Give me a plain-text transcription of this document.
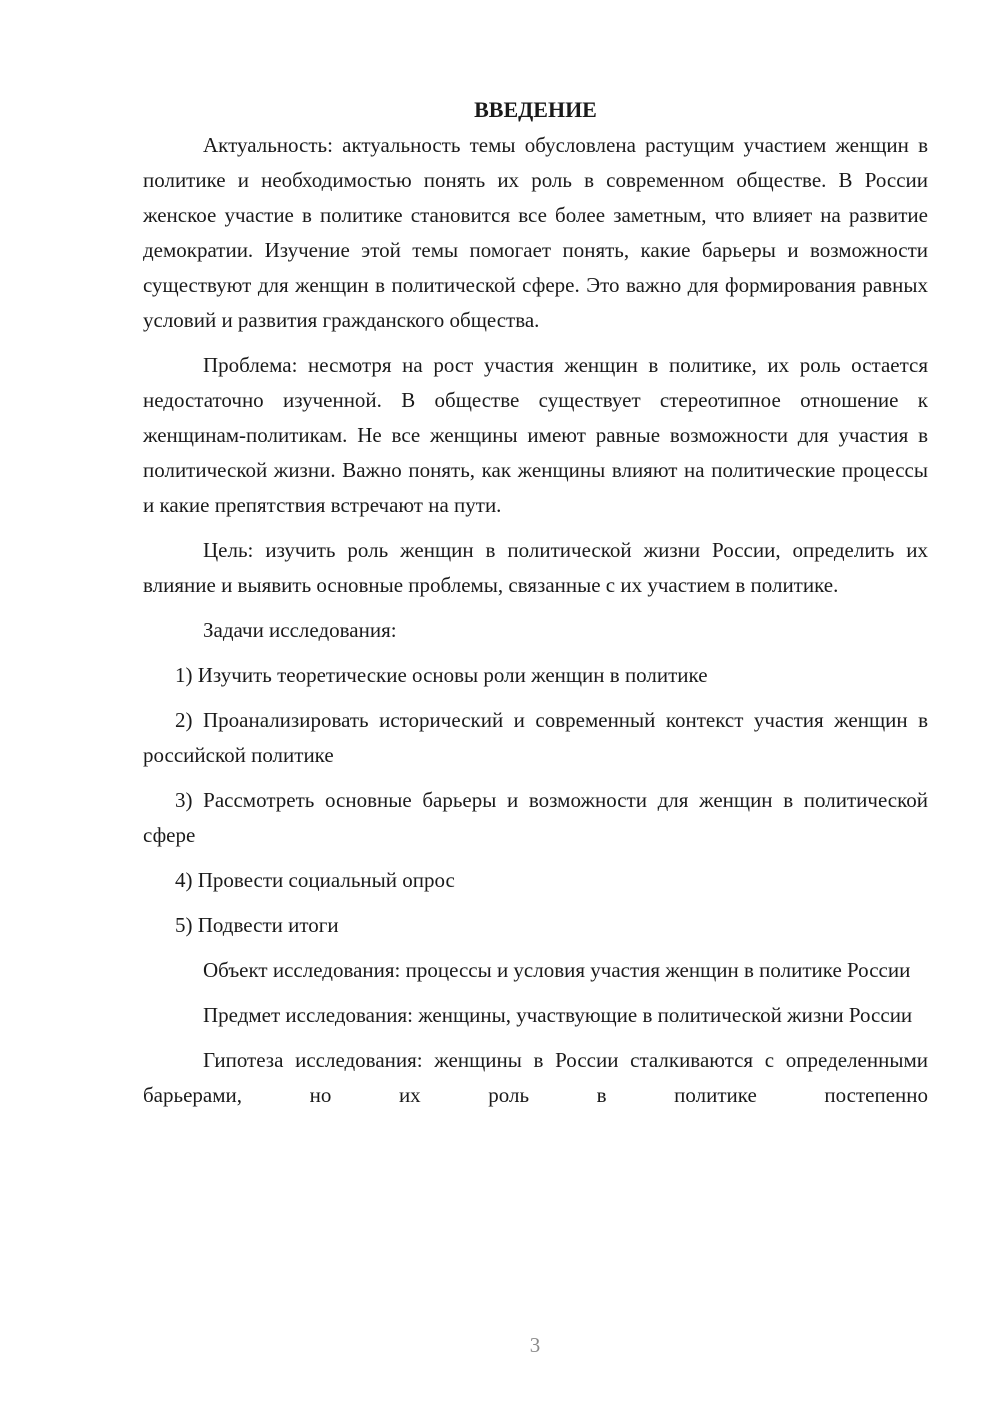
ВВЕДЕНИЕ

Актуальность: актуальность темы обусловлена растущим участием женщин в политике и необходимостью понять их роль в современном обществе. В России женское участие в политике становится все более заметным, что влияет на развитие демократии. Изучение этой темы помогает понять, какие барьеры и возможности существуют для женщин в политической сфере. Это важно для формирования равных условий и развития гражданского общества.

Проблема: несмотря на рост участия женщин в политике, их роль остается недостаточно изученной. В обществе существует стереотипное отношение к женщинам-политикам. Не все женщины имеют равные возможности для участия в политической жизни. Важно понять, как женщины влияют на политические процессы и какие препятствия встречают на пути.

Цель: изучить роль женщин в политической жизни России, определить их влияние и выявить основные проблемы, связанные с их участием в политике.

Задачи исследования:

1) Изучить теоретические основы роли женщин в политике

2) Проанализировать исторический и современный контекст участия женщин в российской политике

3) Рассмотреть основные барьеры и возможности для женщин в политической сфере

4) Провести социальный опрос

5) Подвести итоги

Объект исследования: процессы и условия участия женщин в политике России

Предмет исследования: женщины, участвующие в политической жизни России

Гипотеза исследования: женщины в России сталкиваются с определенными барьерами, но их роль в политике постепенно

3
